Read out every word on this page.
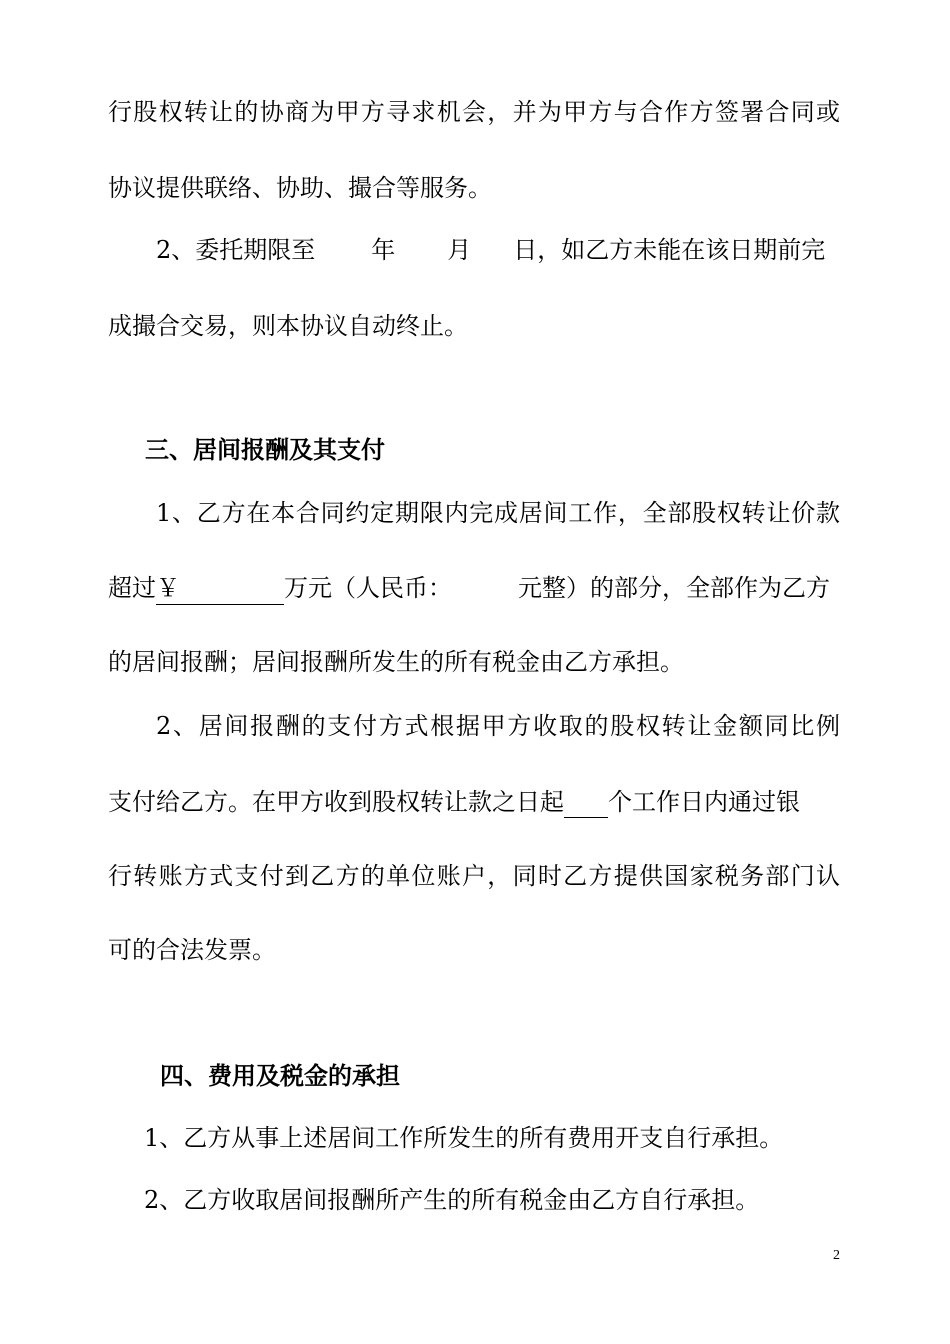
行股权转让的协商为甲方寻求机会，并为甲方与合作方签署合同或
协议提供联络、协助、撮合等服务。
2、委托期限至 年 月 日，如乙方未能在该日期前完
成撮合交易，则本协议自动终止。
三、居间报酬及其支付
1、乙方在本合同约定期限内完成居间工作，全部股权转让价款
超过￥	万元（人民币：	元整）的部分，全部作为乙方
的居间报酬；居间报酬所发生的所有税金由乙方承担。
2、居间报酬的支付方式根据甲方收取的股权转让金额同比例
支付给乙方。在甲方收到股权转让款之日起 个工作日内通过银
行转账方式支付到乙方的单位账户，同时乙方提供国家税务部门认
可的合法发票。
四、费用及税金的承担
1、乙方从事上述居间工作所发生的所有费用开支自行承担。
2、乙方收取居间报酬所产生的所有税金由乙方自行承担。
2
